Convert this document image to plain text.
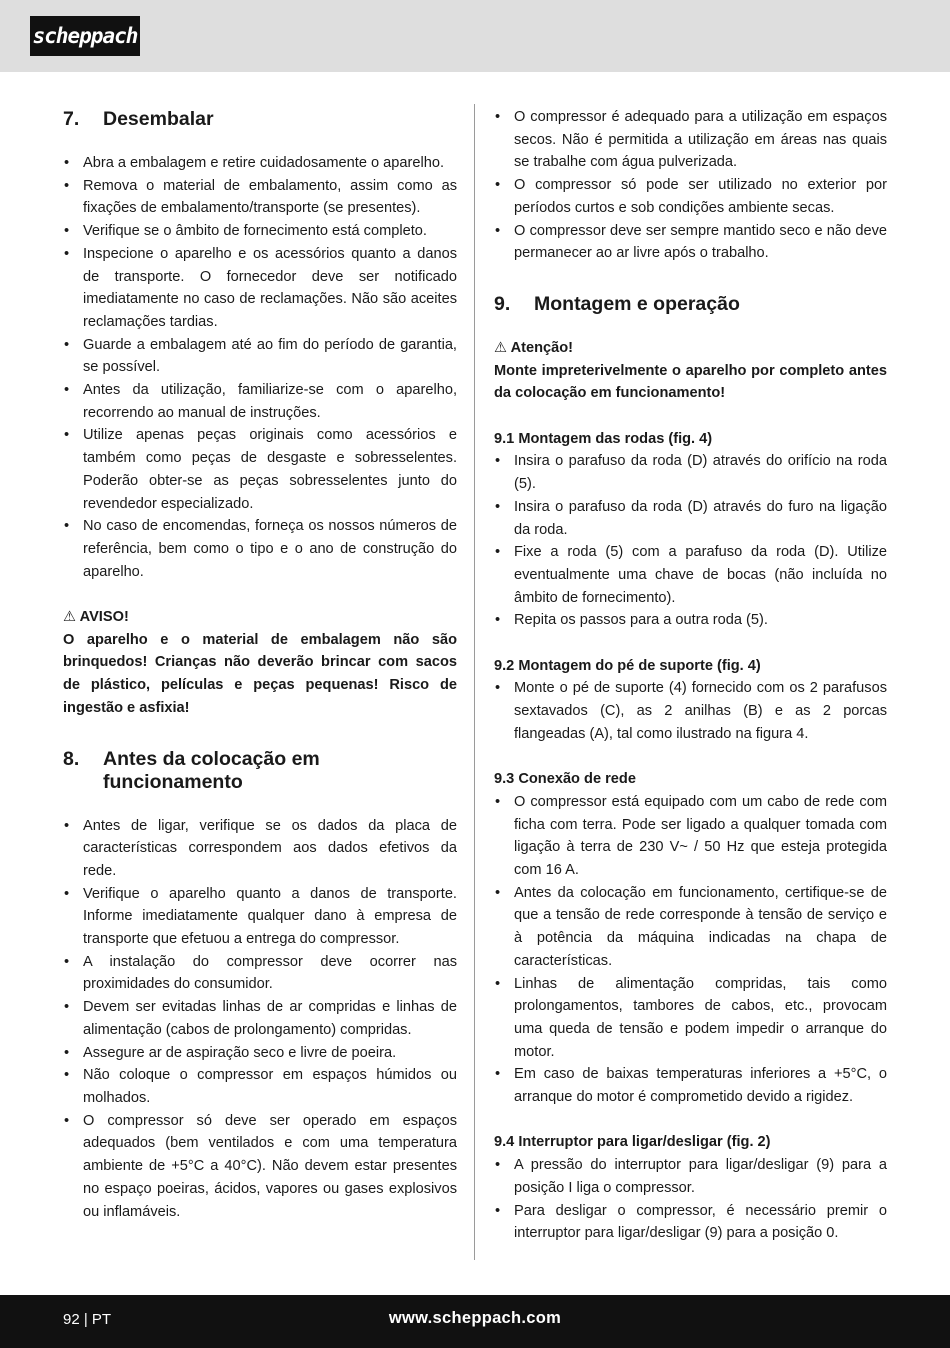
scheppach
7.	Desembalar
• Abra a embalagem e retire cuidadosamente o aparelho.
• Remova o material de embalamento, assim como as fixações de embalamento/transporte (se presentes).
• Verifique se o âmbito de fornecimento está completo.
• Inspecione o aparelho e os acessórios quanto a danos de transporte. O fornecedor deve ser notificado imediatamente no caso de reclamações. Não são aceites reclamações tardias.
• Guarde a embalagem até ao fim do período de garantia, se possível.
• Antes da utilização, familiarize-se com o aparelho, recorrendo ao manual de instruções.
• Utilize apenas peças originais como acessórios e também como peças de desgaste e sobresselentes. Poderão obter-se as peças sobresselentes junto do revendedor especializado.
• No caso de encomendas, forneça os nossos números de referência, bem como o tipo e o ano de construção do aparelho.
⚠ AVISO!
O aparelho e o material de embalagem não são brinquedos! Crianças não deverão brincar com sacos de plástico, películas e peças pequenas! Risco de ingestão e asfixia!
8.	Antes da colocação em funcionamento
• Antes de ligar, verifique se os dados da placa de características correspondem aos dados efetivos da rede.
• Verifique o aparelho quanto a danos de transporte. Informe imediatamente qualquer dano à empresa de transporte que efetuou a entrega do compressor.
• A instalação do compressor deve ocorrer nas proximidades do consumidor.
• Devem ser evitadas linhas de ar compridas e linhas de alimentação (cabos de prolongamento) compridas.
• Assegure ar de aspiração seco e livre de poeira.
• Não coloque o compressor em espaços húmidos ou molhados.
• O compressor só deve ser operado em espaços adequados (bem ventilados e com uma temperatura ambiente de +5°C a 40°C). Não devem estar presentes no espaço poeiras, ácidos, vapores ou gases explosivos ou inflamáveis.
• O compressor é adequado para a utilização em espaços secos. Não é permitida a utilização em áreas nas quais se trabalhe com água pulverizada.
• O compressor só pode ser utilizado no exterior por períodos curtos e sob condições ambiente secas.
• O compressor deve ser sempre mantido seco e não deve permanecer ao ar livre após o trabalho.
9.	Montagem e operação
⚠ Atenção!
Monte impreterivelmente o aparelho por completo antes da colocação em funcionamento!
9.1 Montagem das rodas (fig. 4)
• Insira o parafuso da roda (D) através do orifício na roda (5).
• Insira o parafuso da roda (D) através do furo na ligação da roda.
• Fixe a roda (5) com a parafuso da roda (D). Utilize eventualmente uma chave de bocas (não incluída no âmbito de fornecimento).
• Repita os passos para a outra roda (5).
9.2 Montagem do pé de suporte (fig. 4)
• Monte o pé de suporte (4) fornecido com os 2 parafusos sextavados (C), as 2 anilhas (B) e as 2 porcas flangeadas (A), tal como ilustrado na figura 4.
9.3 Conexão de rede
• O compressor está equipado com um cabo de rede com ficha com terra. Pode ser ligado a qualquer tomada com ligação à terra de 230 V~ / 50 Hz que esteja protegida com 16 A.
• Antes da colocação em funcionamento, certifique-se de que a tensão de rede corresponde à tensão de serviço e à potência da máquina indicadas na chapa de características.
• Linhas de alimentação compridas, tais como prolongamentos, tambores de cabos, etc., provocam uma queda de tensão e podem impedir o arranque do motor.
• Em caso de baixas temperaturas inferiores a +5°C, o arranque do motor é comprometido devido a rigidez.
9.4 Interruptor para ligar/desligar (fig. 2)
• A pressão do interruptor para ligar/desligar (9) para a posição I liga o compressor.
• Para desligar o compressor, é necessário premir o interruptor para ligar/desligar (9) para a posição 0.
92 | PT	www.scheppach.com
